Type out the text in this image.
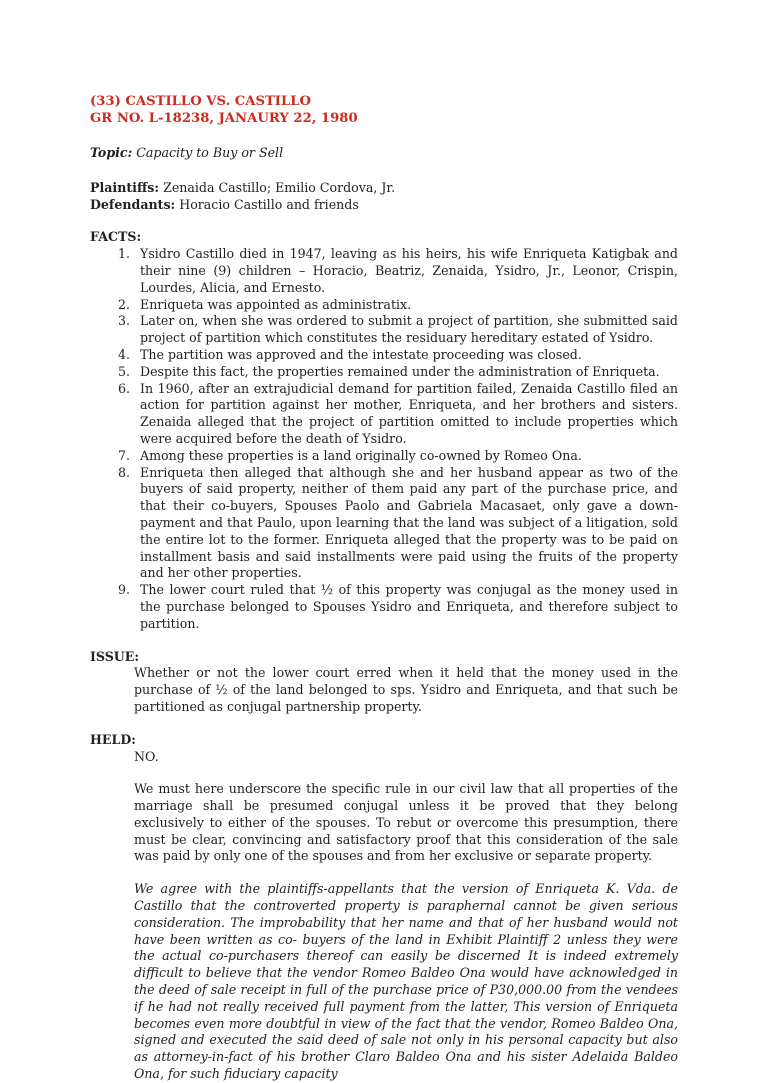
(33) CASTILLO VS. CASTILLO
GR NO. L-18238, JANAURY 22, 1980
Topic: Capacity to Buy or Sell
Plaintiffs: Zenaida Castillo; Emilio Cordova, Jr.
Defendants: Horacio Castillo and friends
FACTS:
1. Ysidro Castillo died in 1947, leaving as his heirs, his wife Enriqueta Katigbak and their nine (9) children – Horacio, Beatriz, Zenaida, Ysidro, Jr., Leonor, Crispin, Lourdes, Alicia, and Ernesto.
2. Enriqueta was appointed as administratix.
3. Later on, when she was ordered to submit a project of partition, she submitted said project of partition which constitutes the residuary hereditary estated of Ysidro.
4. The partition was approved and the intestate proceeding was closed.
5. Despite this fact, the properties remained under the administration of Enriqueta.
6. In 1960, after an extrajudicial demand for partition failed, Zenaida Castillo filed an action for partition against her mother, Enriqueta, and her brothers and sisters. Zenaida alleged that the project of partition omitted to include properties which were acquired before the death of Ysidro.
7. Among these properties is a land originally co-owned by Romeo Ona.
8. Enriqueta then alleged that although she and her husband appear as two of the buyers of said property, neither of them paid any part of the purchase price, and that their co-buyers, Spouses Paolo and Gabriela Macasaet, only gave a down-payment and that Paulo, upon learning that the land was subject of a litigation, sold the entire lot to the former. Enriqueta alleged that the property was to be paid on installment basis and said installments were paid using the fruits of the property and her other properties.
9. The lower court ruled that ½ of this property was conjugal as the money used in the purchase belonged to Spouses Ysidro and Enriqueta, and therefore subject to partition.
ISSUE:
Whether or not the lower court erred when it held that the money used in the purchase of ½ of the land belonged to sps. Ysidro and Enriqueta, and that such be partitioned as conjugal partnership property.
HELD:
NO.
We must here underscore the specific rule in our civil law that all properties of the marriage shall be presumed conjugal unless it be proved that they belong exclusively to either of the spouses. To rebut or overcome this presumption, there must be clear, convincing and satisfactory proof that this consideration of the sale was paid by only one of the spouses and from her exclusive or separate property.
We agree with the plaintiffs-appellants that the version of Enriqueta K. Vda. de Castillo that the controverted property is paraphernal cannot be given serious consideration. The improbability that her name and that of her husband would not have been written as co- buyers of the land in Exhibit Plaintiff 2 unless they were the actual co-purchasers thereof can easily be discerned It is indeed extremely difficult to believe that the vendor Romeo Baldeo Ona would have acknowledged in the deed of sale receipt in full of the purchase price of P30,000.00 from the vendees if he had not really received full payment from the latter, This version of Enriqueta becomes even more doubtful in view of the fact that the vendor, Romeo Baldeo Ona, signed and executed the said deed of sale not only in his personal capacity but also as attorney-in-fact of his brother Claro Baldeo Ona and his sister Adelaida Baldeo Ona, for such fiduciary capacity
